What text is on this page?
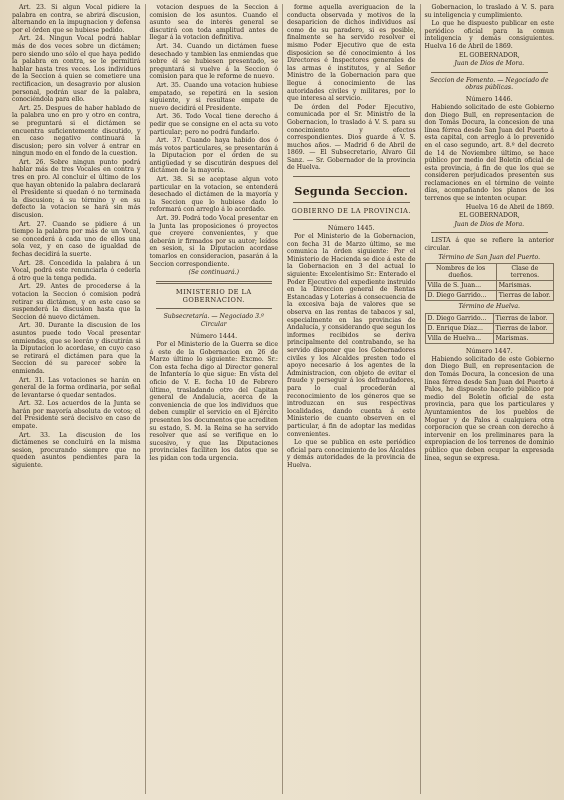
Art. 23. Si algun Vocal pidiere la palabra en contra, se abrirá discusion, alternando en la impugnacion y defensa por el órden que se hubiese pedido.

Art. 24. Ningun Vocal podrá hablar más de dos veces sobre un dictámen; pero siendo uno sólo el que haya pedido la palabra en contra, se le permitirá hablar hasta tres veces. Los individuos de la Seccion á quien se cometiere una rectificacion, un desagravio por alusion personal, podrán usar de la palabra, conociéndola para ello.

Art. 25. Despues de haber hablado de la palabra uno en pro y otro en contra, se preguntará si el dictámen se encuentra suficientemente discutido, y en caso negativo continuará la discusion; pero sin volver á entrar en ningun modo en el fondo de la cuestion.

Art. 26. Sobre ningun punto podrá hablar más de tres Vocales en contra y tres en pro. Al concluir el último de los que hayan obtenido la palabra declarará el Presidente si quedan ó no terminada la discusion; á su término y en su defecto la votacion se hará sin más discusion.

Art. 27. Cuando se pidiere á un tiempo la palabra por más de un Vocal, se concederá á cada uno de ellos una sola vez, y en caso de igualdad de fechas decidirá la suerte.

Art. 28. Concedida la palabra á un Vocal, podrá este renunciarla ó cederla á otro que la tenga pedida.

Art. 29. Antes de procederse á la votacion la Seccion ó comision podrá retirar su dictámen, y en este caso se suspenderá la discusion hasta que la Seccion dé nuevo dictámen.

Art. 30. Durante la discusion de los asuntos puede todo Vocal presentar enmiendas, que se leerán y discutirán si la Diputacion lo acordase, en cuyo caso se retirará el dictámen para que la Seccion dé su parecer sobre la enmienda.

Art. 31. Las votaciones se harán en general de la forma ordinaria, por señal de levantarse ó quedar sentados.

Art. 32. Los acuerdos de la Junta se harán por mayoría absoluta de votos; el del Presidente será decisivo en caso de empate.

Art. 33. La discusion de los dictámenes se concluirá en la misma sesion, procurando siempre que no queden asuntos pendientes para la siguiente.

votacion despues de la Seccion á comision de los asuntos. Cuando el asunto sea de interés general se discutirá con toda amplitud antes de llegar á la votacion definitiva.

Art. 34. Cuando un dictámen fuese desechado y tambien las enmiendas que sobre él se hubiesen presentado, se preguntará si vuelve á la Seccion ó comision para que le reforme de nuevo.

Art. 35. Cuando una votacion hubiese empatado, se repetirá en la sesion siguiente, y si resultase empate de nuevo decidirá el Presidente.

Art. 36. Todo Vocal tiene derecho á pedir que se consigne en el acta su voto particular; pero no podrá fundarlo.

Art. 37. Cuando haya habido dos ó más votos particulares, se presentarán á la Diputacion por el órden de su antigüedad y se discutirán despues del dictámen de la mayoría.

Art. 38. Si se aceptase algun voto particular en la votacion, se entenderá desechado el dictámen de la mayoría y la Seccion que lo hubiese dado lo reformará con arreglo á lo acordado.

Art. 39. Podrá todo Vocal presentar en la Junta las proposiciones ó proyectos que creyere convenientes, y que deberán ir firmados por su autor; leídos en sesion, si la Diputacion acordase tomarlos en consideracion, pasarán á la Seccion correspondiente.

(Se continuará.)

MINISTERIO DE LA GOBERNACION.

Subsecretaría. — Negociado 3.º

Circular

Número 1444.

Por el Ministerio de la Guerra se dice á este de la Gobernacion en 26 de Marzo último lo siguiente: Excmo. Sr.: Con esta fecha digo al Director general de Infantería lo que sigue: En vista del oficio de V. E. fecha 10 de Febrero último, trasladando otro del Capitan general de Andalucía, acerca de la conveniencia de que los individuos que deben cumplir el servicio en el Ejército presenten los documentos que acrediten su estado, S. M. la Reina se ha servido resolver que así se verifique en lo sucesivo, y que las Diputaciones provinciales faciliten los datos que se les pidan con toda urgencia.

forme aquella averiguacion de la conducta observada y motivos de la desaparicion de dichos individuos así como de su paradero, si es posible, finalmente se ha servido resolver el mismo Poder Ejecutivo que de esta disposicion se dé conocimiento á los Directores é Inspectores generales de las armas é institutos, y al Señor Ministro de la Gobernacion para que llegue á conocimiento de las autoridades civiles y militares, por lo que interesa al servicio.

De órden del Poder Ejecutivo, comunicada por el Sr. Ministro de la Gobernacion, lo traslado á V. S. para su conocimiento y efectos correspondientes. Dios guarde á V. S. muchos años. — Madrid 6 de Abril de 1869. — El Subsecretario, Alvaro Gil Sanz. — Sr. Gobernador de la provincia de Huelva.

Segunda Seccion.
GOBIERNO DE LA PROVINCIA.
Número 1445.

Por el Ministerio de la Gobernacion, con fecha 31 de Marzo último, se me comunica la órden siguiente: Por el Ministerio de Hacienda se dice á este de la Gobernacion en 3 del actual lo siguiente: Excelentísimo Sr.: Enterado el Poder Ejecutivo del expediente instruido en la Direccion general de Rentas Estancadas y Loterías á consecuencia de la excesiva baja de valores que se observa en las rentas de tabacos y sal, especialmente en las provincias de Andalucía, y considerando que segun los informes recibidos se deriva principalmente del contrabando, se ha servido disponer que los Gobernadores civiles y los Alcaldes presten todo el apoyo necesario á los agentes de la Administracion, con objeto de evitar el fraude y perseguir á los defraudadores, para lo cual procederán al reconocimiento de los géneros que se introduzcan en sus respectivas localidades, dando cuenta á este Ministerio de cuanto observen en el particular, á fin de adoptar las medidas convenientes.

Lo que se publica en este periódico oficial para conocimiento de los Alcaldes y demás autoridades de la provincia de Huelva.

Gobernacion, lo traslado á V. S. para su inteligencia y cumplimiento.

Lo que he dispuesto publicar en este periódico oficial para la comun inteligencia y demás consiguientes. Huelva 16 de Abril de 1869.

EL GOBERNADOR,

Juan de Dios de Mora.

Seccion de Fomento. — Negociado de obras públicas.

Número 1446.

Habiendo solicitado de este Gobierno don Diego Bull, en representacion de don Tomás Docura, la concesion de una línea férrea desde San Juan del Puerto á esta capital, con arreglo á lo prevenido en el caso segundo, art. 8.º del decreto de 14 de Noviembre último, se hace público por medio del Boletín oficial de esta provincia, á fin de que los que se consideren perjudicados presenten sus reclamaciones en el término de veinte días, acompañando los planos de los terrenos que se intenten ocupar.

Huelva 16 de Abril de 1869.

EL GOBERNADOR,

Juan de Dios de Mora.

LISTA á que se refiere la anterior circular.

Término de San Juan del Puerto.

Nombres de los dueños.	Clase de terrenos.
Villa de S. Juan...	Marismas.
D. Diego Garrido...	Tierras de labor.

Término de Huelva.

D. Diego Garrido...	Tierras de labor.
D. Enrique Díaz...	Tierras de labor.
Villa de Huelva...	Marismas.
Número 1447.

Habiendo solicitado de este Gobierno don Diego Bull, en representacion de don Tomás Docura, la concesion de una línea férrea desde San Juan del Puerto á Palos, he dispuesto hacerlo público por medio del Boletín oficial de esta provincia, para que los particulares y Ayuntamientos de los pueblos de Moguer y de Palos á cualquiera otra corporacion que se crean con derecho á intervenir en los preliminares para la expropiacion de los terrenos de dominio público que deben ocupar la expresada línea, segun se expresa.
